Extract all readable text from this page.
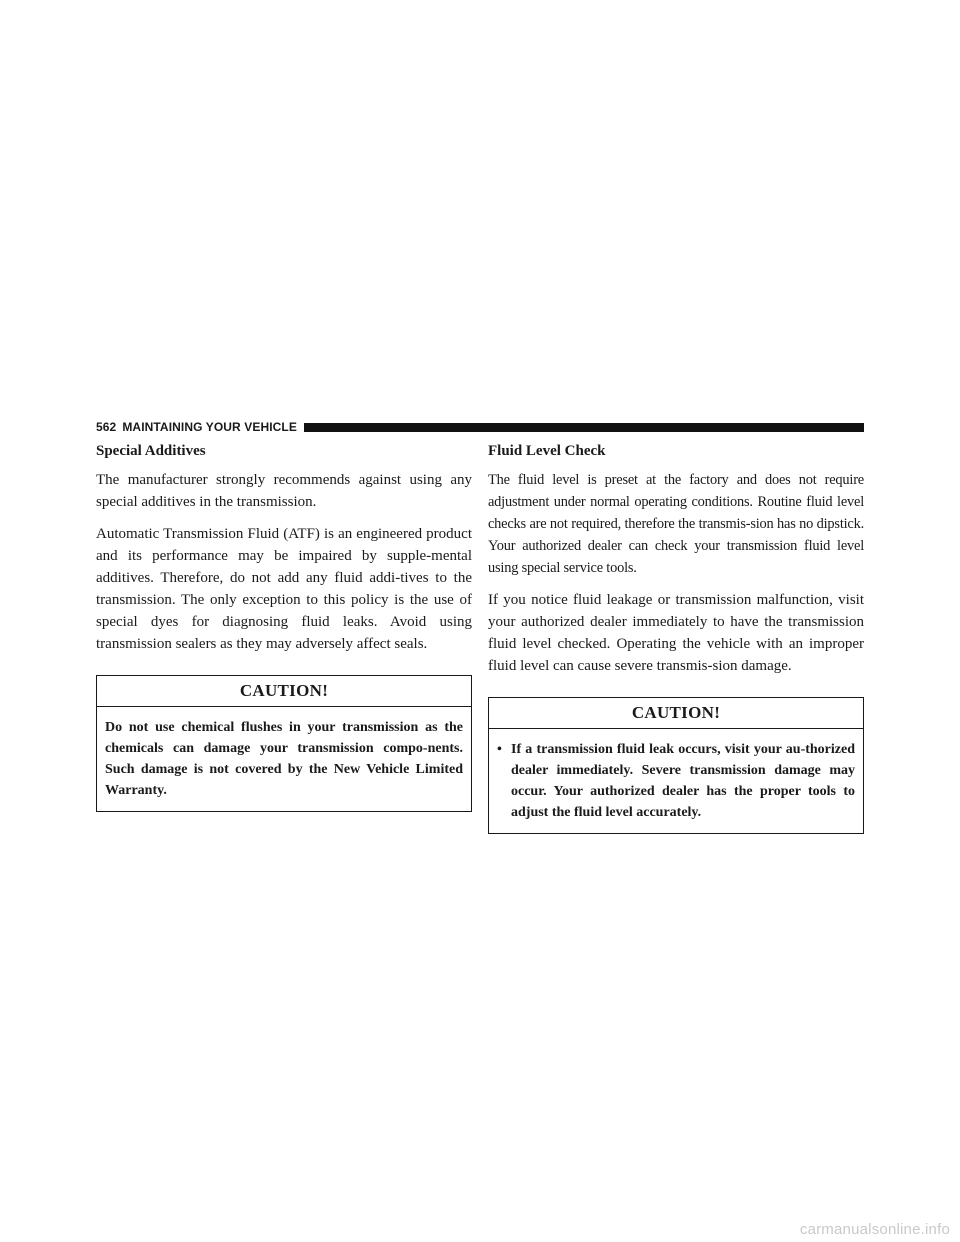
562 MAINTAINING YOUR VEHICLE
Special Additives

The manufacturer strongly recommends against using any special additives in the transmission.

Automatic Transmission Fluid (ATF) is an engineered product and its performance may be impaired by supple-mental additives. Therefore, do not add any fluid addi-tives to the transmission. The only exception to this policy is the use of special dyes for diagnosing fluid leaks. Avoid using transmission sealers as they may adversely affect seals.

CAUTION!
Do not use chemical flushes in your transmission as the chemicals can damage your transmission compo-nents. Such damage is not covered by the New Vehicle Limited Warranty.
Fluid Level Check

The fluid level is preset at the factory and does not require adjustment under normal operating conditions. Routine fluid level checks are not required, therefore the transmis-sion has no dipstick. Your authorized dealer can check your transmission fluid level using special service tools.

If you notice fluid leakage or transmission malfunction, visit your authorized dealer immediately to have the transmission fluid level checked. Operating the vehicle with an improper fluid level can cause severe transmis-sion damage.

CAUTION!
• If a transmission fluid leak occurs, visit your au-thorized dealer immediately. Severe transmission damage may occur. Your authorized dealer has the proper tools to adjust the fluid level accurately.
carmanualsonline.info
